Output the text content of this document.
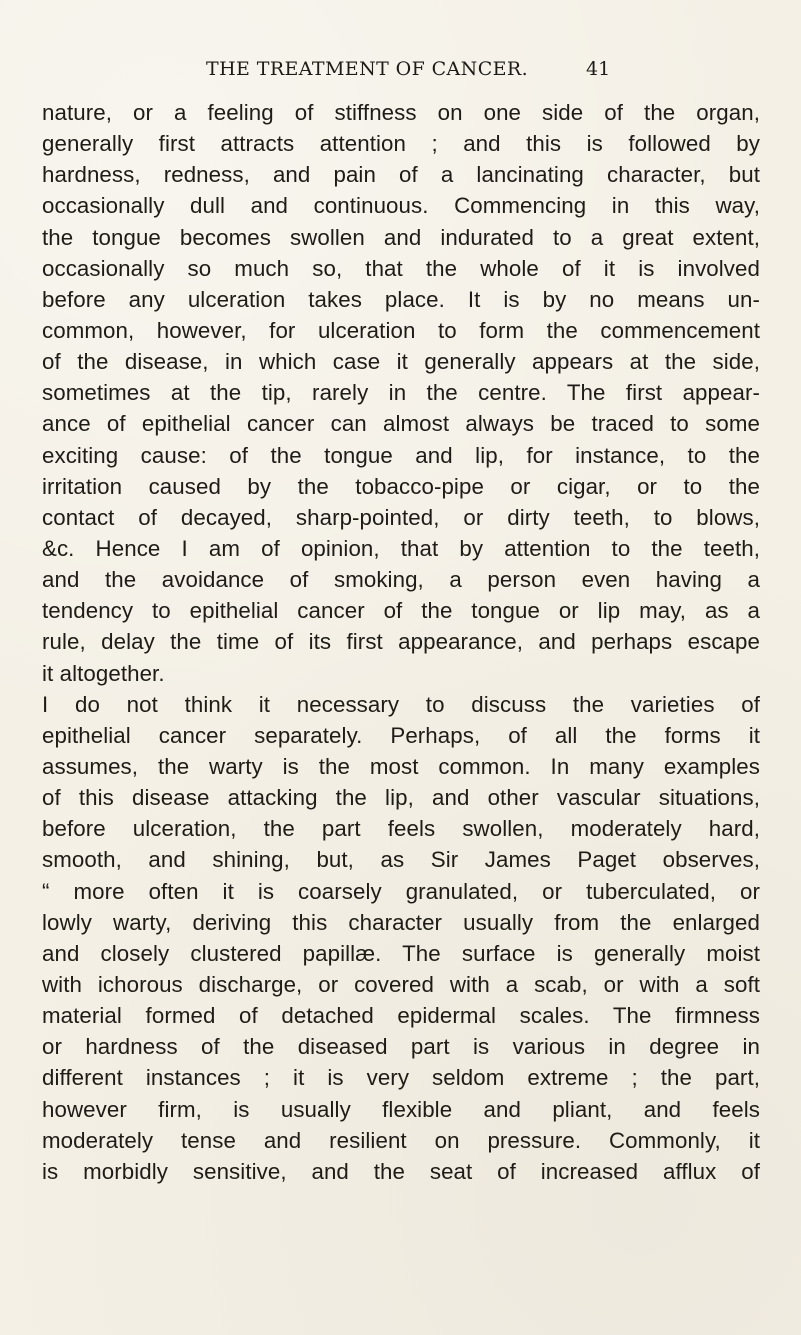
THE TREATMENT OF CANCER.	41
nature, or a feeling of stiffness on one side of the organ,
generally first attracts attention ; and this is followed by
hardness, redness, and pain of a lancinating character, but
occasionally dull and continuous. Commencing in this way,
the tongue becomes swollen and indurated to a great extent,
occasionally so much so, that the whole of it is involved
before any ulceration takes place. It is by no means un-
common, however, for ulceration to form the commencement
of the disease, in which case it generally appears at the side,
sometimes at the tip, rarely in the centre. The first appear-
ance of epithelial cancer can almost always be traced to some
exciting cause: of the tongue and lip, for instance, to the
irritation caused by the tobacco-pipe or cigar, or to the
contact of decayed, sharp-pointed, or dirty teeth, to blows,
&c. Hence I am of opinion, that by attention to the teeth,
and the avoidance of smoking, a person even having a
tendency to epithelial cancer of the tongue or lip may, as a
rule, delay the time of its first appearance, and perhaps escape
it altogether.
I do not think it necessary to discuss the varieties of
epithelial cancer separately. Perhaps, of all the forms it
assumes, the warty is the most common. In many examples
of this disease attacking the lip, and other vascular situations,
before ulceration, the part feels swollen, moderately hard,
smooth, and shining, but, as Sir James Paget observes,
“ more often it is coarsely granulated, or tuberculated, or
lowly warty, deriving this character usually from the enlarged
and closely clustered papillæ. The surface is generally moist
with ichorous discharge, or covered with a scab, or with a soft
material formed of detached epidermal scales. The firmness
or hardness of the diseased part is various in degree in
different instances ; it is very seldom extreme ; the part,
however firm, is usually flexible and pliant, and feels
moderately tense and resilient on pressure. Commonly, it
is morbidly sensitive, and the seat of increased afflux of
